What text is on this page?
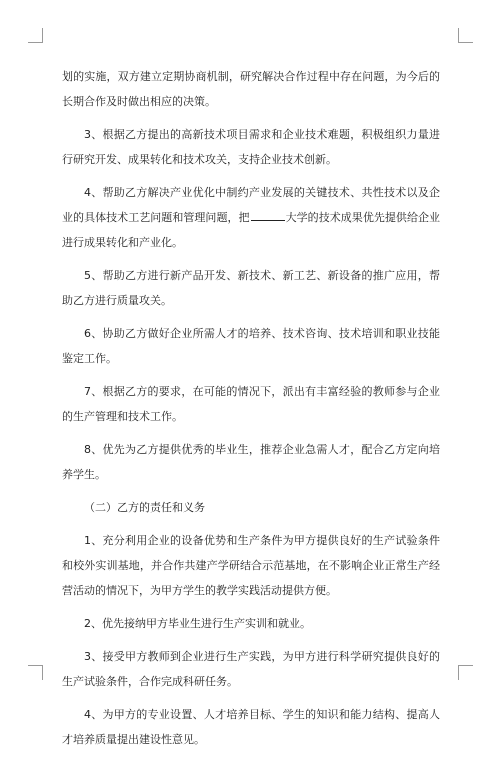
划的实施，双方建立定期协商机制，研究解决合作过程中存在问题，为今后的长期合作及时做出相应的决策。

3、根据乙方提出的高新技术项目需求和企业技术难题，积极组织力量进行研究开发、成果转化和技术攻关，支持企业技术创新。

4、帮助乙方解决产业优化中制约产业发展的关键技术、共性技术以及企业的具体技术工艺问题和管理问题，把	大学的技术成果优先提供给企业进行成果转化和产业化。

5、帮助乙方进行新产品开发、新技术、新工艺、新设备的推广应用，帮助乙方进行质量攻关。

6、协助乙方做好企业所需人才的培养、技术咨询、技术培训和职业技能鉴定工作。

7、根据乙方的要求，在可能的情况下，派出有丰富经验的教师参与企业的生产管理和技术工作。

8、优先为乙方提供优秀的毕业生，推荐企业急需人才，配合乙方定向培养学生。

（二）乙方的责任和义务

1、充分利用企业的设备优势和生产条件为甲方提供良好的生产试验条件和校外实训基地，并合作共建产学研结合示范基地，在不影响企业正常生产经营活动的情况下，为甲方学生的教学实践活动提供方便。

2、优先接纳甲方毕业生进行生产实训和就业。

3、接受甲方教师到企业进行生产实践，为甲方进行科学研究提供良好的生产试验条件，合作完成科研任务。

4、为甲方的专业设置、人才培养目标、学生的知识和能力结构、提高人才培养质量提出建设性意见。
